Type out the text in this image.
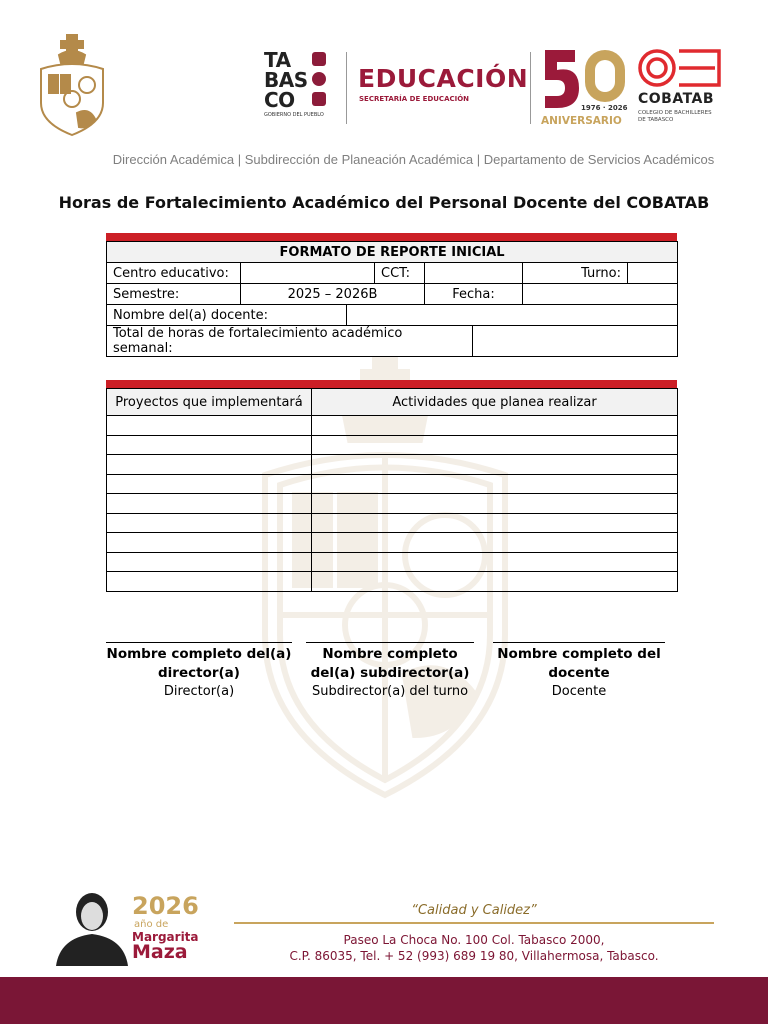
TA
BAS
CO
GOBIERNO DEL PUEBLO
EDUCACIÓN
SECRETARÍA DE EDUCACIÓN
1976 · 2026
ANIVERSARIO
COBATAB
COLEGIO DE BACHILLERES
DE TABASCO
Dirección Académica | Subdirección de Planeación Académica | Departamento de Servicios Académicos
Horas de Fortalecimiento Académico del Personal Docente del COBATAB
FORMATO DE REPORTE INICIAL							
Centro educativo:			CCT:			Turno:	
Semestre:	2025 – 2026B			Fecha:			
Nombre del(a) docente:							
Total de horas de fortalecimiento académico semanal:							
Proyectos que implementará	Actividades que planea realizar

Nombre completo del(a) director(a)
Director(a)
Nombre completo del(a) subdirector(a)
Subdirector(a) del turno
Nombre completo del docente
Docente
2026
año de
Margarita
Maza
“Calidad y Calidez”
Paseo La Choca No. 100 Col. Tabasco 2000,
C.P. 86035, Tel. + 52 (993) 689 19 80, Villahermosa, Tabasco.
